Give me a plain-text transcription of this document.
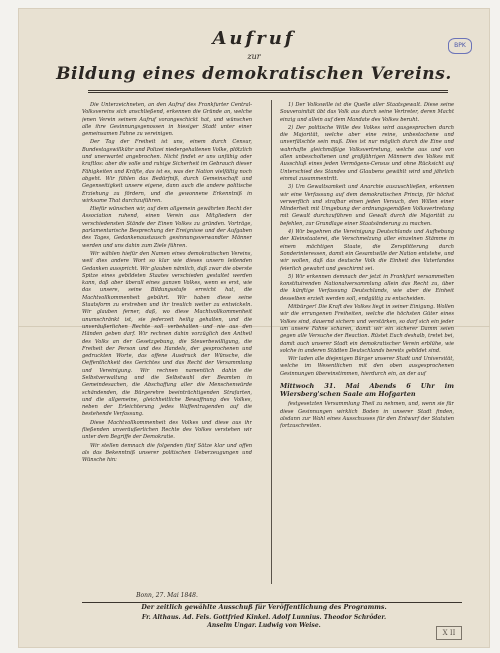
BPK
Aufruf
zur
Bildung eines demokratischen Vereins.

Die Unterzeichneten, an den Aufruf des Frankfurter Central-Volksvereins sich anschließend, erkennen die Gründe an, welche jenen Verein seinem Aufruf vorangeschickt hat, und wünschen alle ihre Gesinnungsgenossen in hiesiger Stadt unter einer gemeinsamen Fahne zu vereinigen.

Der Tag der Freiheit ist uns, einem durch Censur, Bundestagswillkühr und Polizei niedergehaltenen Volke, plötzlich und unerwartet angebrochen. Nicht findet er uns unfähig oder kraftlos: aber die volle und ruhige Sicherheit im Gebrauch dieser Fähigkeiten und Kräfte, das ist es, was der Nation vielfältig noch abgeht. Wir fühlen das Bedürfniß, durch Gemeinschaft und Gegenseitigkeit unsere eigene, dann auch die andere politische Erziehung zu fördern, und die gewonnene Erkenntniß in wirksame That durchzuführen.

Hiefür wünschen wir, auf dem allgemein gewährten Recht der Association ruhend, einen Verein aus Mitgliedern der verschiedensten Stände der Einen Volkes zu gründen. Vorträge, parlamentarische Besprechung der Ereignisse und der Aufgaben des Tages, Gedankenaustausch gesinnungsverwandter Männer werden und uns dahin zum Ziele führen.

Wir wählen hiefür den Namen eines demokratischen Vereins, weil dies andere Wort so klar wie dieses unsern leitenden Gedanken ausspricht. Wir glauben nämlich, daß zwar die oberste Spitze eines gebildeten Staates verschieden gestaltet werden kann, daß aber überall eines ganzen Volkes, wenn es erst, wie das unsere, seine Bildungsstufe erreicht hat, die Machtvollkommenheit gebührt. Wir haben diese seine Staatsform zu erstreben und ihr treulich weiter zu entwickeln. Wir glauben ferner, daß, wo diese Machtvollkommenheit unumschränkt ist, sie jederzeit heilig gehalten, und die unveräußerlichen Rechte soll verbehalten und nie aus den Händen geben darf. Wir rechnen dahin vorzüglich den Antheil des Volks an der Gesetzgebung, die Steuerbewilligung, die Freiheit der Person und des Handels, der gesprochenen und gedruckten Worte, das offene Ausdruck der Wünsche, die Oeffentlichkeit des Gerichtes und das Recht der Versammlung und Vereinigung. Wir rechnen namentlich dahin die Selbstverwaltung und die Selbstwahl der Beamten in Gemeindesachen, die Abschaffung aller die Menschenwürde schändenden, die Bürgerehre beeinträchtigenden Strafarten, und die allgemeine, gleichheitliche Bewaffnung des Volkes, neben der Erleichterung jedes Waffentragenden auf die bestehende Verfassung.

Diese Machtvollkommenheit des Volkes und diese aus ihr fließenden unveräußerlichen Rechte des Volkes verstehen wir unter dem Begriffe der Demokratie.

Wir stellen demnach die folgenden fünf Sätze klar und offen als das Bekenntniß unserer politischen Ueberzeugungen und Wünsche hin:

Bonn, 27. Mai 1848.

1) Der Volkswille ist die Quelle aller Staatsgewalt. Diese seine Souverainität übt das Volk aus durch seine Vertreter, deren Macht einzig und allein auf dem Mandate des Volkes beruht.

2) Der politische Wille des Volkes wird ausgesprochen durch die Majorität, welche aber eine reine, unbestochene und unverfälschte sein muß. Dies ist nur möglich durch die Eine und wahrhafte gleichmäßige Volksvertretung, welche aus und von allen unbescholtenen und großjährigen Männern des Volkes mit Ausschluß eines jeden Vermögens-Census und ohne Rücksicht auf Unterschied des Standes und Glaubens gewählt wird und jährlich einmal zusammentritt.

3) Um Gewaltsamkeit und Anarchie auszuschließen, erkennen wir eine Verfassung auf dem demokratischen Princip, für höchst verwerflich und strafbar einen jeden Versuch, den Willen einer Minderheit mit Umgebung der ordnungsgemäßen Volksvertretung mit Gewalt durchzuführen und Gewalt durch die Majorität zu befehlen, zur Grundlage einer Staatsänderung zu machen.

4) Wir begehren die Vereinigung Deutschlands und Aufhebung der Kleinstaaterei, die Verschmelzung aller einzelnen Stämme in einem mächtigen Staate, die Zersplitterung durch Sonderinteressen, damit ein Gesamtwille der Nation entstehe, und wir wollen, daß das deutsche Volk die Einheit des Vaterlandes feierlich gewahrt und geschirmt sei.

5) Wir erkennen demnach der jetzt in Frankfurt versammelten konstituirenden Nationalversammlung allein das Recht zu, über die künftige Verfassung Deutschlands, wie aber die Einheit desselben erzielt werden soll, endgültig zu entscheiden.

Mitbürger! Die Kraft des Volkes liegt in seiner Einigung. Wollen wir die errungenen Freiheiten, welche die höchsten Güter eines Volkes sind, dauernd sichern und verstärken, so darf sich ein jeder um unsere Fahne scharen, damit wir ein sicherer Damm seien gegen alle Versuche der Reaction. Rüstet Euch deshalb, tretet bei, damit auch unserer Stadt ein demokratischer Verein erblühe, wie solche in anderen Städten Deutschlands bereits gebildet sind.

Wir laden alle diejenigen Bürger unserer Stadt und Universität, welche im Wesentlichen mit den oben ausgesprochenen Gesinnungen übereinstimmen, hierdurch ein, an der auf

Mittwoch 31. Mai Abends 6 Uhr im Wiersberg'schen Saale am Hofgarten

festgesetzten Versammlung Theil zu nehmen, und, wenn sie für diese Gesinnungen wirklich Boden in unserer Stadt finden, alsdann zur Wahl eines Ausschusses für den Entwurf der Statuten fortzuschreiten.

Der zeitlich gewählte Ausschuß für Veröffentlichung des Programms.
Fr. Althaus. Ad. Fels. Gottfried Kinkel. Adolf Lunnius. Theodor Schröder.
Anselm Ungar. Ludwig von Weise.
X II
